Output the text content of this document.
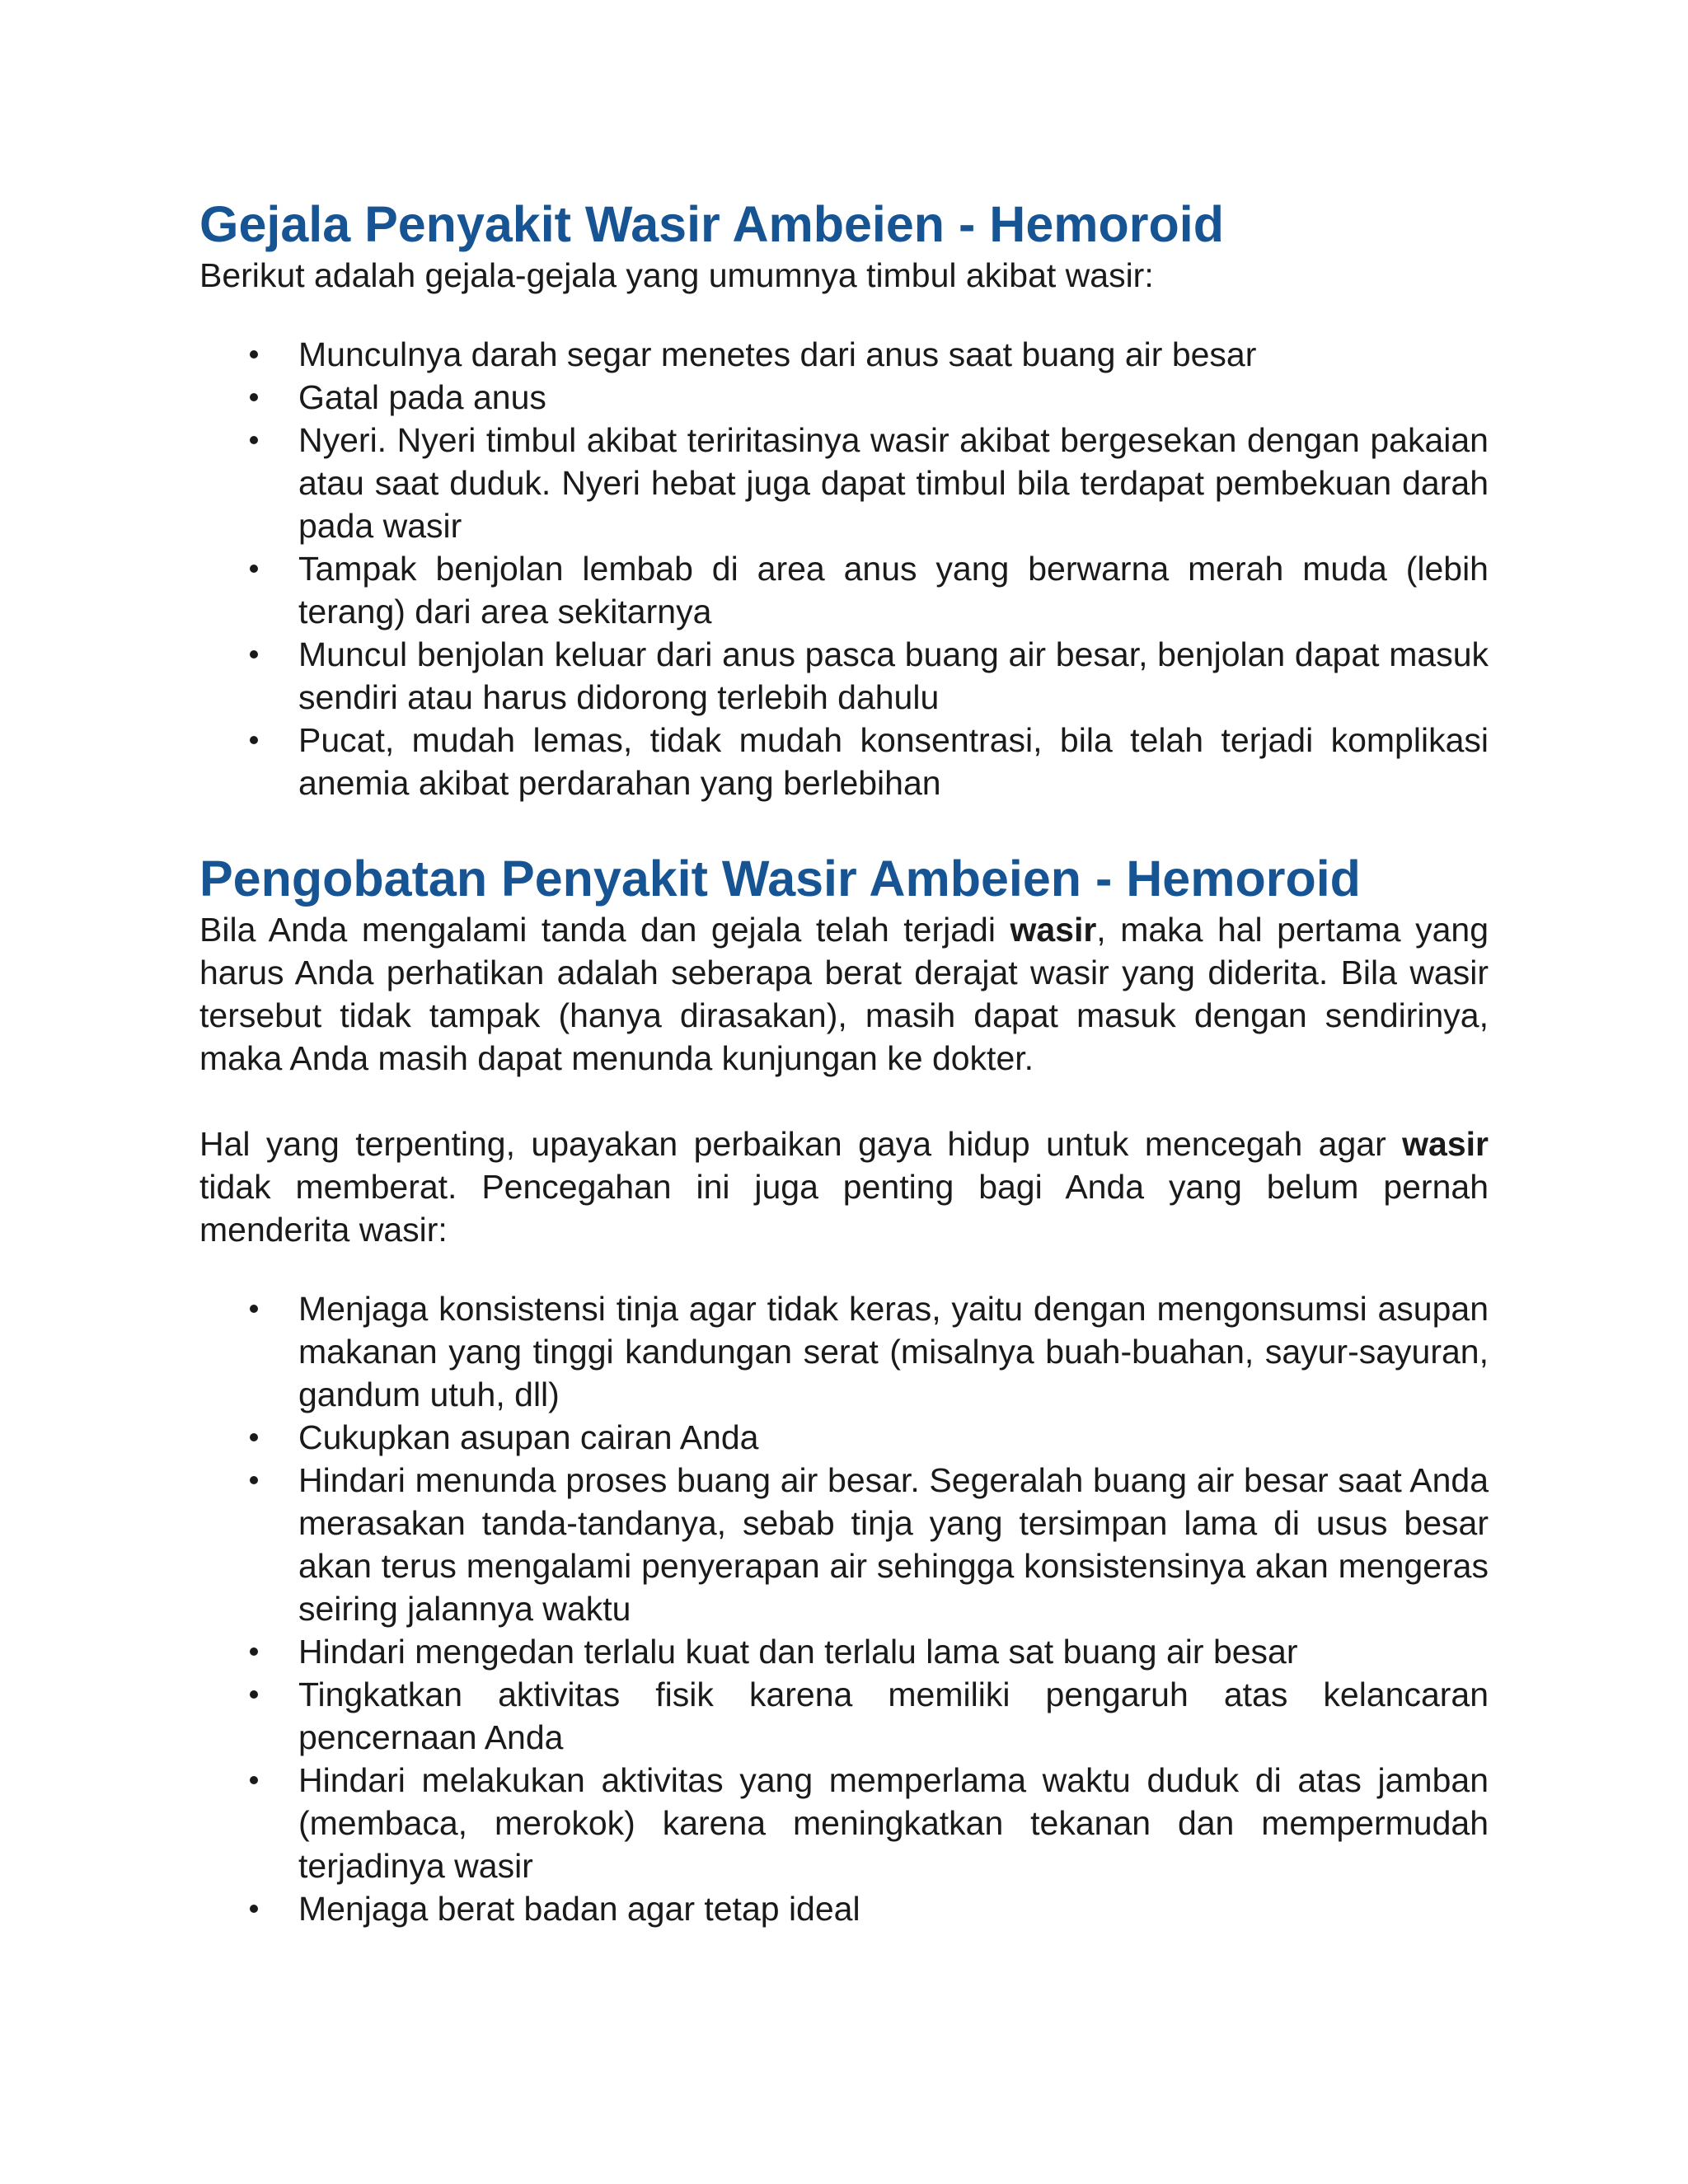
Gejala Penyakit Wasir Ambeien - Hemoroid

Berikut adalah gejala-gejala yang umumnya timbul akibat wasir:

Munculnya darah segar menetes dari anus saat buang air besar
Gatal pada anus
Nyeri. Nyeri timbul akibat teriritasinya wasir akibat bergesekan dengan pakaian atau saat duduk. Nyeri hebat juga dapat timbul bila terdapat pembekuan darah pada wasir
Tampak benjolan lembab di area anus yang berwarna merah muda (lebih terang) dari area sekitarnya
Muncul benjolan keluar dari anus pasca buang air besar, benjolan dapat masuk sendiri atau harus didorong terlebih dahulu
Pucat, mudah lemas, tidak mudah konsentrasi, bila telah terjadi komplikasi anemia akibat perdarahan yang berlebihan
Pengobatan Penyakit Wasir Ambeien - Hemoroid

Bila Anda mengalami tanda dan gejala telah terjadi wasir, maka hal pertama yang harus Anda perhatikan adalah seberapa berat derajat wasir yang diderita. Bila wasir tersebut tidak tampak (hanya dirasakan), masih dapat masuk dengan sendirinya, maka Anda masih dapat menunda kunjungan ke dokter.

Hal yang terpenting, upayakan perbaikan gaya hidup untuk mencegah agar wasir tidak memberat. Pencegahan ini juga penting bagi Anda yang belum pernah menderita wasir:

Menjaga konsistensi tinja agar tidak keras, yaitu dengan mengonsumsi asupan makanan yang tinggi kandungan serat (misalnya buah-buahan, sayur-sayuran, gandum utuh, dll)
Cukupkan asupan cairan Anda
Hindari menunda proses buang air besar. Segeralah buang air besar saat Anda merasakan tanda-tandanya, sebab tinja yang tersimpan lama di usus besar akan terus mengalami penyerapan air sehingga konsistensinya akan mengeras seiring jalannya waktu
Hindari mengedan terlalu kuat dan terlalu lama sat buang air besar
Tingkatkan aktivitas fisik karena memiliki pengaruh atas kelancaran pencernaan Anda
Hindari melakukan aktivitas yang memperlama waktu duduk di atas jamban (membaca, merokok) karena meningkatkan tekanan dan mempermudah terjadinya wasir
Menjaga berat badan agar tetap ideal
